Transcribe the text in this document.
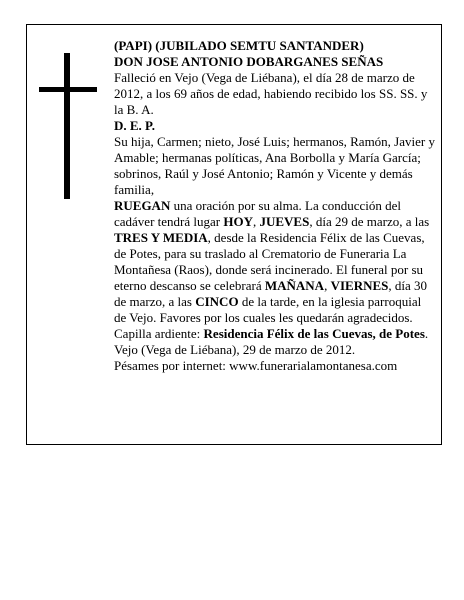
(PAPI) (JUBILADO SEMTU SANTANDER)

DON JOSE ANTONIO DOBARGANES SEÑAS

Falleció en Vejo (Vega de Liébana), el día 28 de marzo de 2012, a los 69 años de edad, habiendo recibido los SS. SS. y la B. A.

D. E. P.

Su hija, Carmen; nieto, José Luis; hermanos, Ramón, Javier y Amable; hermanas políticas, Ana Borbolla y María García; sobrinos, Raúl y José Antonio; Ramón y Vicente y demás familia,

RUEGAN una oración por su alma. La conducción del cadáver tendrá lugar HOY, JUEVES, día 29 de marzo, a las TRES Y MEDIA, desde la Residencia Félix de las Cuevas, de Potes, para su traslado al Crematorio de Funeraria La Montañesa (Raos), donde será incinerado. El funeral por su eterno descanso se celebrará MAÑANA, VIERNES, día 30 de marzo, a las CINCO de la tarde, en la iglesia parroquial de Vejo. Favores por los cuales les quedarán agradecidos.

Capilla ardiente: Residencia Félix de las Cuevas, de Potes.

Vejo (Vega de Liébana), 29 de marzo de 2012.

Pésames por internet: www.funerarialamontanesa.com
